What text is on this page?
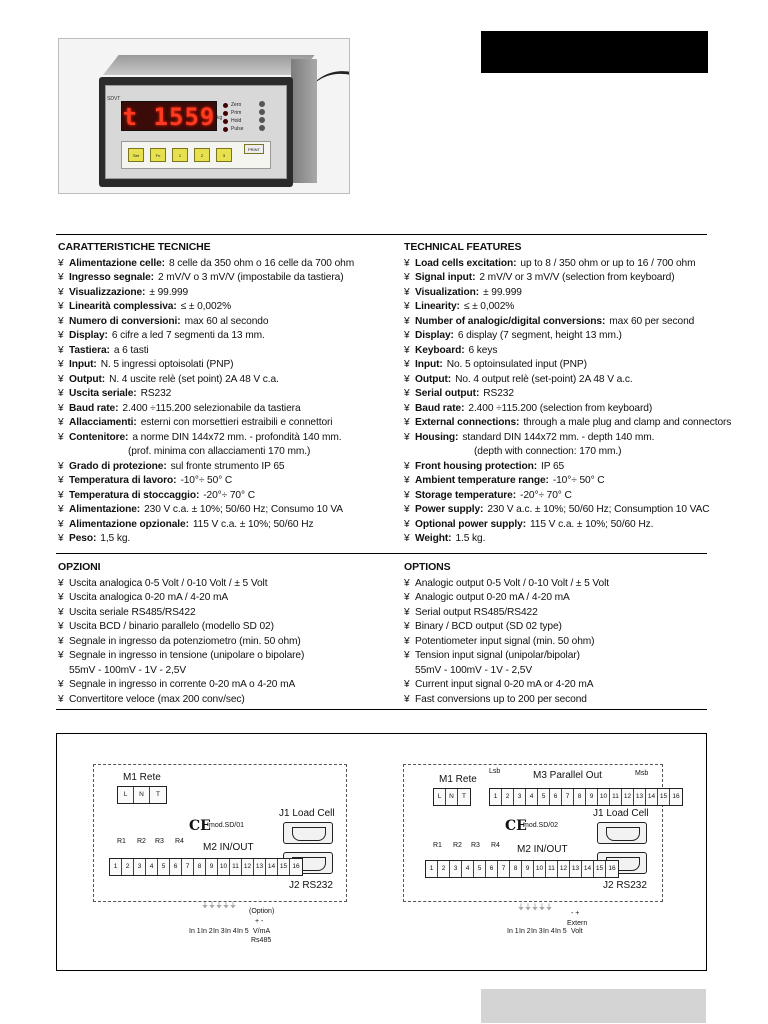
SDVT
t 1559 kg
Zero
Prim
Hold
Pulse
Set	Fn	1	2	3
PRINT
CARATTERISTICHE TECNICHE
¥ Alimentazione celle: 8 celle da 350 ohm o 16 celle da 700 ohm
¥ Ingresso segnale: 2 mV/V o 3 mV/V (impostabile da tastiera)
¥ Visualizzazione: ± 99.999
¥ Linearità complessiva: ≤ ± 0,002%
¥ Numero di conversioni: max 60 al secondo
¥ Display: 6 cifre a led 7 segmenti da 13 mm.
¥ Tastiera: a 6 tasti
¥ Input: N. 5 ingressi optoisolati (PNP)
¥ Output: N. 4 uscite relè (set point) 2A 48 V c.a.
¥ Uscita seriale: RS232
¥ Baud rate: 2.400 ÷115.200 selezionabile da tastiera
¥ Allacciamenti: esterni con morsettieri estraibili e connettori
¥ Contenitore: a norme DIN 144x72 mm. - profondità 140 mm.
(prof. minima con allacciamenti 170 mm.)
¥ Grado di protezione: sul fronte strumento IP 65
¥ Temperatura di lavoro: -10°÷ 50° C
¥ Temperatura di stoccaggio: -20°÷ 70° C
¥ Alimentazione: 230 V c.a. ± 10%; 50/60 Hz; Consumo 10 VA
¥ Alimentazione opzionale: 115 V c.a. ± 10%; 50/60 Hz
¥ Peso: 1,5 kg.
TECHNICAL FEATURES
¥ Load cells excitation: up to 8 / 350 ohm or up to 16 / 700 ohm
¥ Signal input: 2 mV/V or 3 mV/V (selection from keyboard)
¥ Visualization: ± 99.999
¥ Linearity: ≤ ± 0,002%
¥ Number of analogic/digital conversions: max 60 per second
¥ Display: 6 display (7 segment, height 13 mm.)
¥ Keyboard: 6 keys
¥ Input: No. 5 optoinsulated input (PNP)
¥ Output: No. 4 output relè (set-point) 2A 48 V a.c.
¥ Serial output: RS232
¥ Baud rate: 2.400 ÷115.200 (selection from keyboard)
¥ External connections: through a male plug and clamp and connectors
¥ Housing: standard DIN 144x72 mm. - depth 140 mm.
(depth with connection: 170 mm.)
¥ Front housing protection: IP 65
¥ Ambient temperature range: -10°÷ 50° C
¥ Storage temperature: -20°÷ 70° C
¥ Power supply: 230 V a.c. ± 10%; 50/60 Hz; Consumption 10 VAC
¥ Optional power supply: 115 V c.a. ± 10%; 50/60 Hz.
¥ Weight: 1.5 kg.
OPZIONI
¥ Uscita analogica 0-5 Volt / 0-10 Volt / ± 5 Volt
¥ Uscita analogica 0-20 mA / 4-20 mA
¥ Uscita seriale RS485/RS422
¥ Uscita BCD / binario parallelo (modello SD 02)
¥ Segnale in ingresso da potenziometro (min. 50 ohm)
¥ Segnale in ingresso in tensione (unipolare o bipolare)
55mV - 100mV - 1V - 2,5V
¥ Segnale in ingresso in corrente 0-20 mA o 4-20 mA
¥ Convertitore veloce (max 200 conv/sec)
OPTIONS
¥ Analogic output 0-5 Volt / 0-10 Volt / ± 5 Volt
¥ Analogic output 0-20 mA / 4-20 mA
¥ Serial output RS485/RS422
¥ Binary / BCD output (SD 02 type)
¥ Potentiometer input signal (min. 50 ohm)
¥ Tension input signal (unipolar/bipolar)
55mV - 100mV - 1V - 2,5V
¥ Current input signal 0-20 mA or 4-20 mA
¥ Fast conversions up to 200 per second
M1 Rete
L	N	T
CE
mod.SD/01
J1 Load Cell
J2 RS232
R1 R2 R3 R4
M2 IN/OUT
1	2	3	4	5	6	7	8	9	10 11 12 13 14 15 16
⏚⏚⏚⏚⏚
In 1 In 2 In 3 In 4 In 5
(Option)
+ -
V/mA
Rs485
M1 Rete
L	N	T
Lsb	M3 Parallel Out	Msb
1	2	3	4	5	6	7	8	9	10 11 12 13 14 15 16
CE
mod.SD/02
J1 Load Cell
J2 RS232
R1 R2 R3 R4 M2 IN/OUT
1	2	3	4	5	6	7	8	9	10 11 12 13 14 15 16
⏚⏚⏚⏚⏚
In 1 In 2 In 3 In 4 In 5
- +
Extern
Volt
